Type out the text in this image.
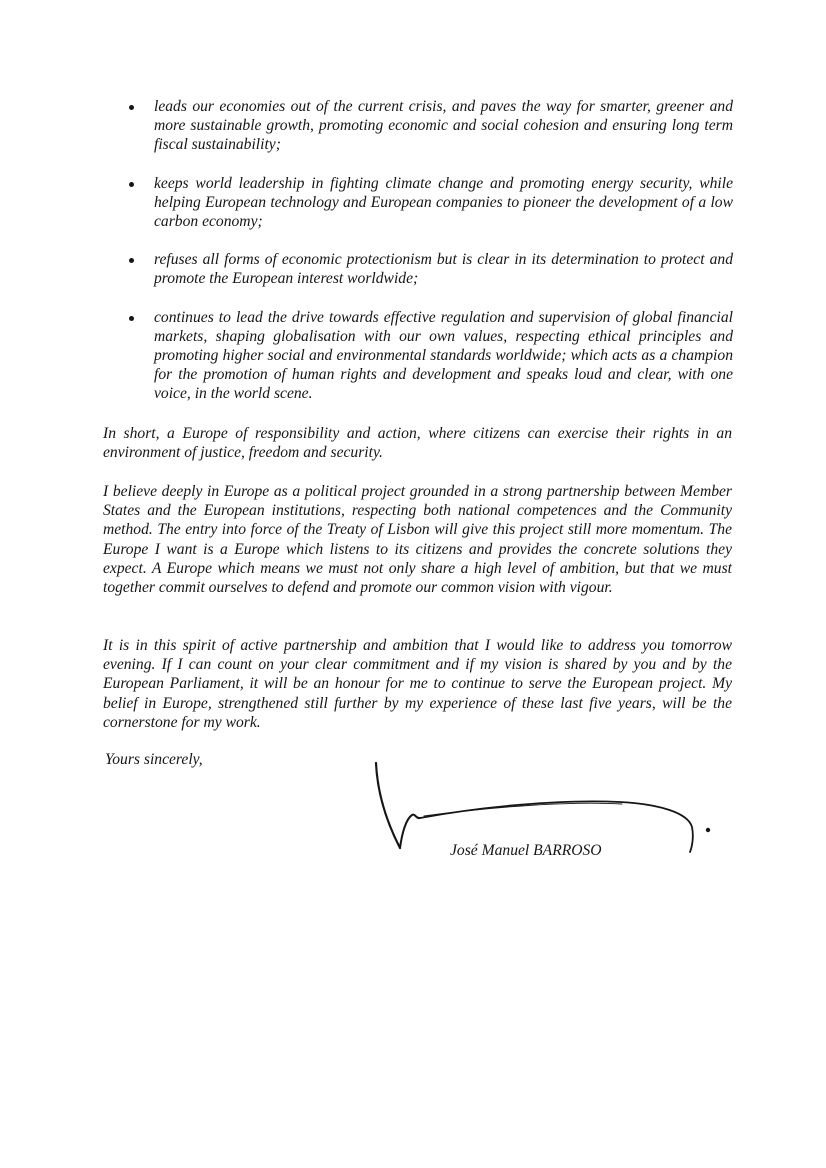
leads our economies out of the current crisis, and paves the way for smarter, greener and more sustainable growth, promoting economic and social cohesion and ensuring long term fiscal sustainability;
keeps world leadership in fighting climate change and promoting energy security, while helping European technology and European companies to pioneer the development of a low carbon economy;
refuses all forms of economic protectionism but is clear in its determination to protect and promote the European interest worldwide;
continues to lead the drive towards effective regulation and supervision of global financial markets, shaping globalisation with our own values, respecting ethical principles and promoting higher social and environmental standards worldwide; which acts as a champion for the promotion of human rights and development and speaks loud and clear, with one voice, in the world scene.

In short, a Europe of responsibility and action, where citizens can exercise their rights in an environment of justice, freedom and security.

I believe deeply in Europe as a political project grounded in a strong partnership between Member States and the European institutions, respecting both national competences and the Community method. The entry into force of the Treaty of Lisbon will give this project still more momentum. The Europe I want is a Europe which listens to its citizens and provides the concrete solutions they expect. A Europe which means we must not only share a high level of ambition, but that we must together commit ourselves to defend and promote our common vision with vigour.

It is in this spirit of active partnership and ambition that I would like to address you tomorrow evening. If I can count on your clear commitment and if my vision is shared by you and by the European Parliament, it will be an honour for me to continue to serve the European project. My belief in Europe, strengthened still further by my experience of these last five years, will be the cornerstone for my work.

Yours sincerely,

José Manuel BARROSO
